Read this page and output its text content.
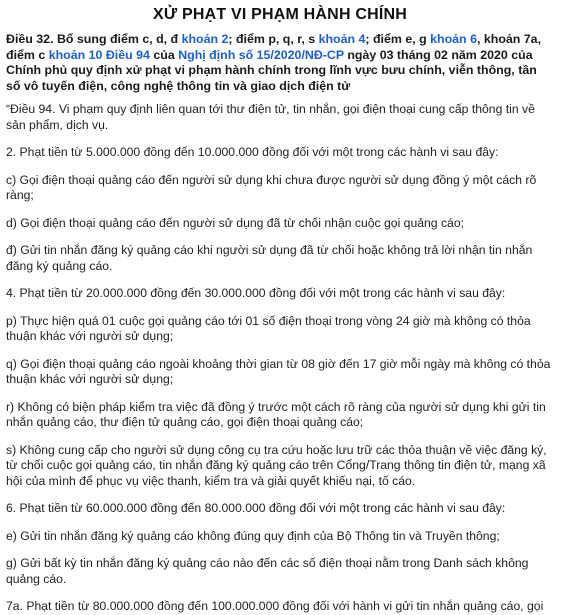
XỬ PHẠT VI PHẠM HÀNH CHÍNH
Điều 32. Bổ sung điểm c, d, đ khoản 2; điểm p, q, r, s khoản 4; điểm e, g khoản 6, khoản 7a, điểm c khoản 10 Điều 94 của Nghị định số 15/2020/NĐ-CP ngày 03 tháng 02 năm 2020 của Chính phủ quy định xử phạt vi phạm hành chính trong lĩnh vực bưu chính, viễn thông, tần số vô tuyến điện, công nghệ thông tin và giao dịch điện tử

“Điều 94. Vi phạm quy định liên quan tới thư điện tử, tin nhắn, gọi điện thoại cung cấp thông tin về sản phẩm, dịch vụ.

2. Phạt tiền từ 5.000.000 đồng đến 10.000.000 đồng đối với một trong các hành vi sau đây:

c) Gọi điện thoại quảng cáo đến người sử dụng khi chưa được người sử dụng đồng ý một cách rõ ràng;

d) Gọi điện thoại quảng cáo đến người sử dụng đã từ chối nhận cuộc gọi quảng cáo;

đ) Gửi tin nhắn đăng ký quảng cáo khi người sử dụng đã từ chối hoặc không trả lời nhận tin nhắn đăng ký quảng cáo.

4. Phạt tiền từ 20.000.000 đồng đến 30.000.000 đồng đối với một trong các hành vi sau đây:

p) Thực hiện quá 01 cuộc gọi quảng cáo tới 01 số điện thoại trong vòng 24 giờ mà không có thỏa thuận khác với người sử dụng;

q) Gọi điện thoại quảng cáo ngoài khoảng thời gian từ 08 giờ đến 17 giờ mỗi ngày mà không có thỏa thuận khác với người sử dụng;

r) Không có biện pháp kiểm tra việc đã đồng ý trước một cách rõ ràng của người sử dụng khi gửi tin nhắn quảng cáo, thư điện tử quảng cáo, gọi điện thoại quảng cáo;

s) Không cung cấp cho người sử dụng công cụ tra cứu hoặc lưu trữ các thỏa thuận về việc đăng ký, từ chối cuộc gọi quảng cáo, tin nhắn đăng ký quảng cáo trên Cổng/Trang thông tin điện tử, mạng xã hội của mình để phục vụ việc thanh, kiểm tra và giải quyết khiếu nại, tố cáo.

6. Phạt tiền từ 60.000.000 đồng đến 80.000.000 đồng đối với một trong các hành vi sau đây:

e) Gửi tin nhắn đăng ký quảng cáo không đúng quy định của Bộ Thông tin và Truyền thông;

g) Gửi bất kỳ tin nhắn đăng ký quảng cáo nào đến các số điện thoại nằm trong Danh sách không quảng cáo.

7a. Phạt tiền từ 80.000.000 đồng đến 100.000.000 đồng đối với hành vi gửi tin nhắn quảng cáo, gọi
